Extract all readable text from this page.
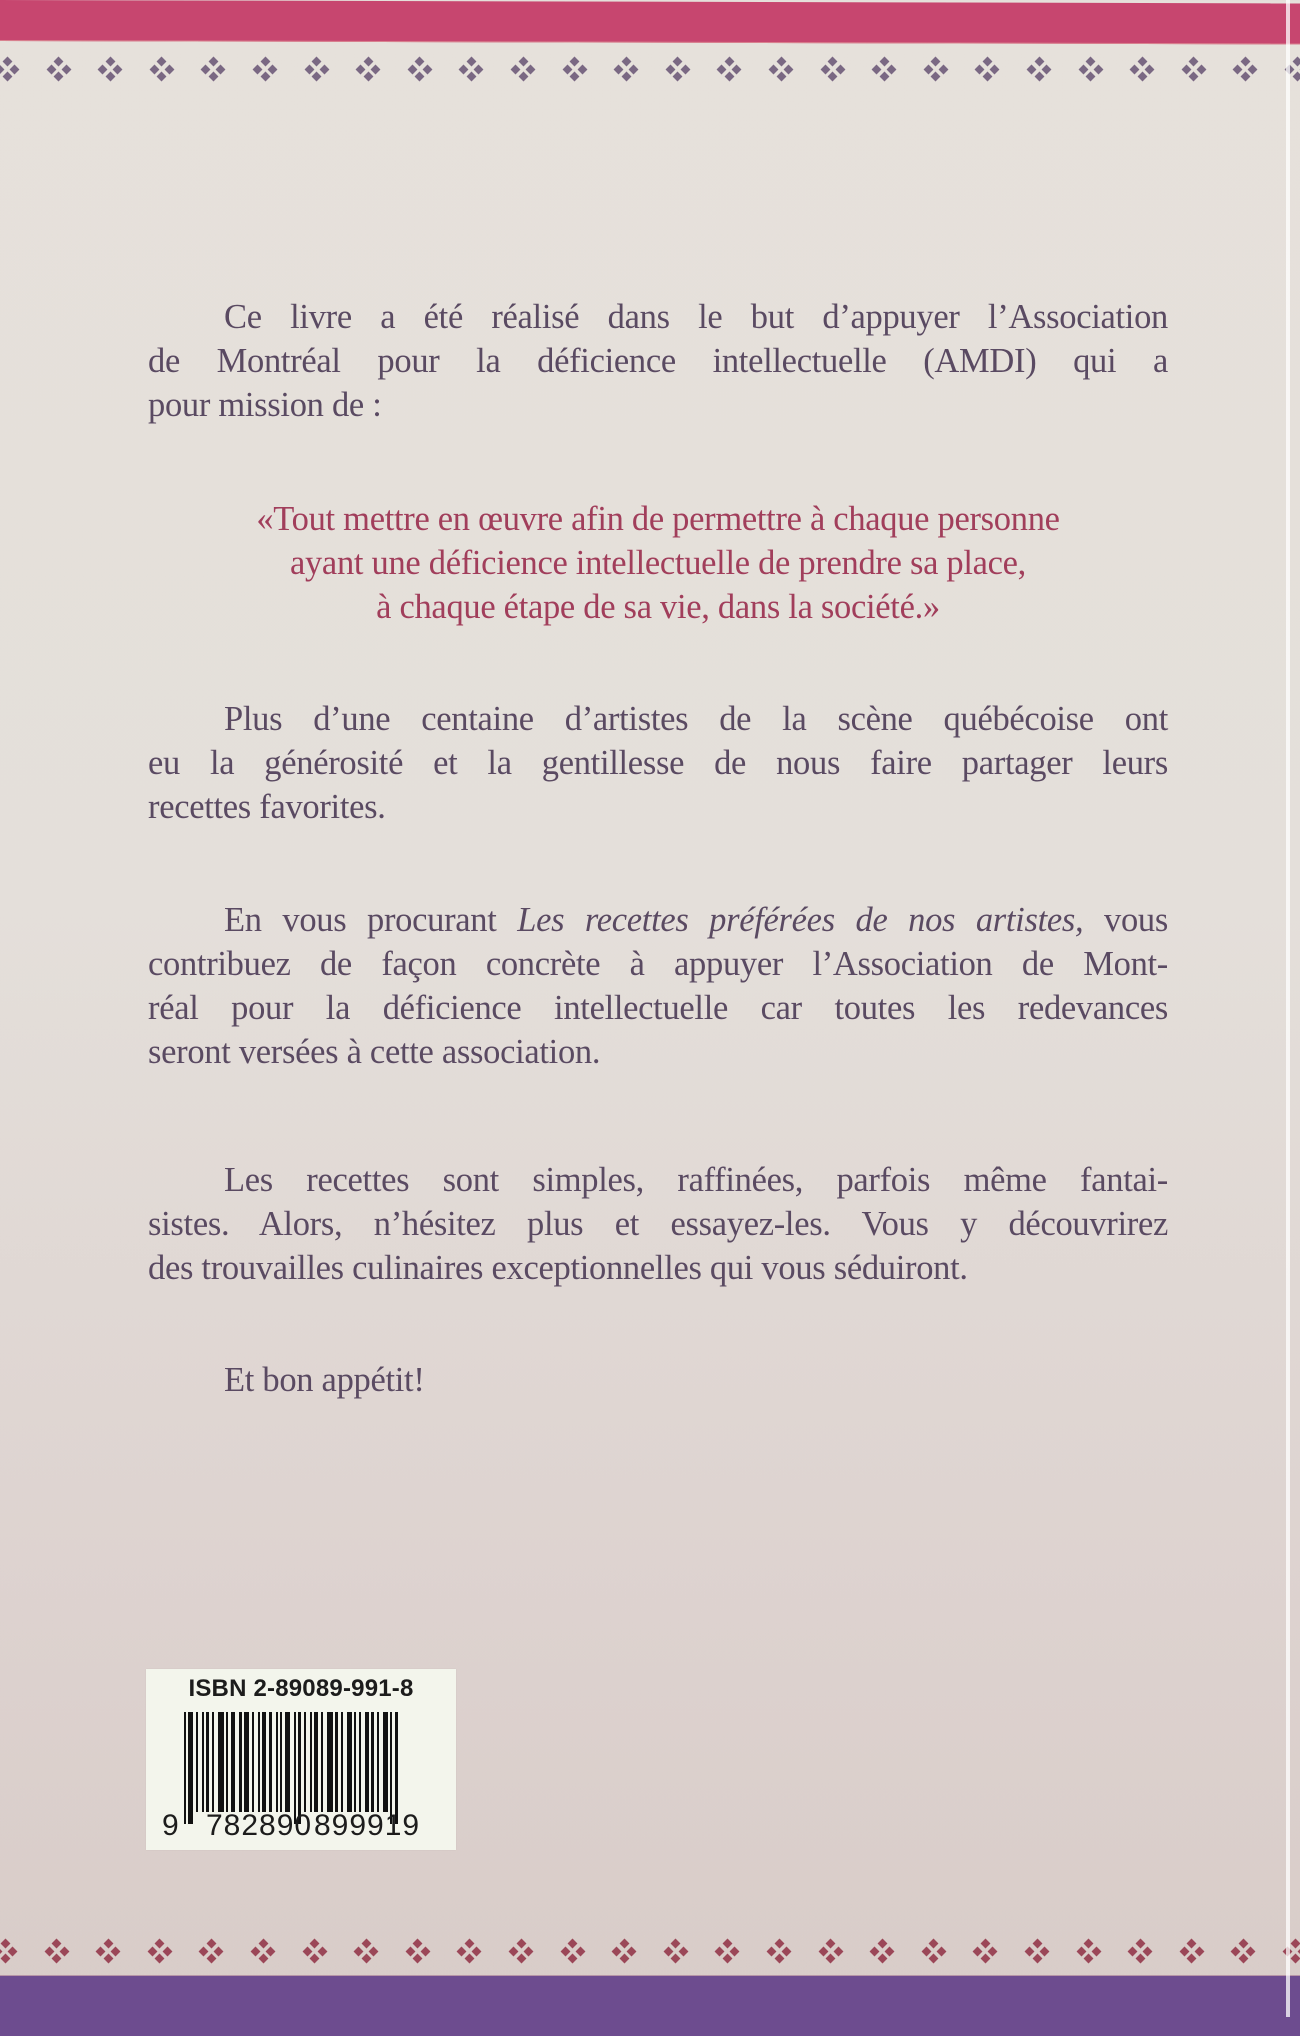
Ce livre a été réalisé dans le but d’appuyer l’Association
de Montréal pour la déficience intellectuelle (AMDI) qui a
pour mission de :
«Tout mettre en œuvre afin de permettre à chaque personne
ayant une déficience intellectuelle de prendre sa place,
à chaque étape de sa vie, dans la société.»
Plus d’une centaine d’artistes de la scène québécoise ont
eu la générosité et la gentillesse de nous faire partager leurs
recettes favorites.
En vous procurant Les recettes préférées de nos artistes, vous
contribuez de façon concrète à appuyer l’Association de Mont-
réal pour la déficience intellectuelle car toutes les redevances
seront versées à cette association.
Les recettes sont simples, raffinées, parfois même fantai-
sistes. Alors, n’hésitez plus et essayez-les. Vous y découvrirez
des trouvailles culinaires exceptionnelles qui vous séduiront.
Et bon appétit!
ISBN 2-89089-991-8
9 782890 899919
